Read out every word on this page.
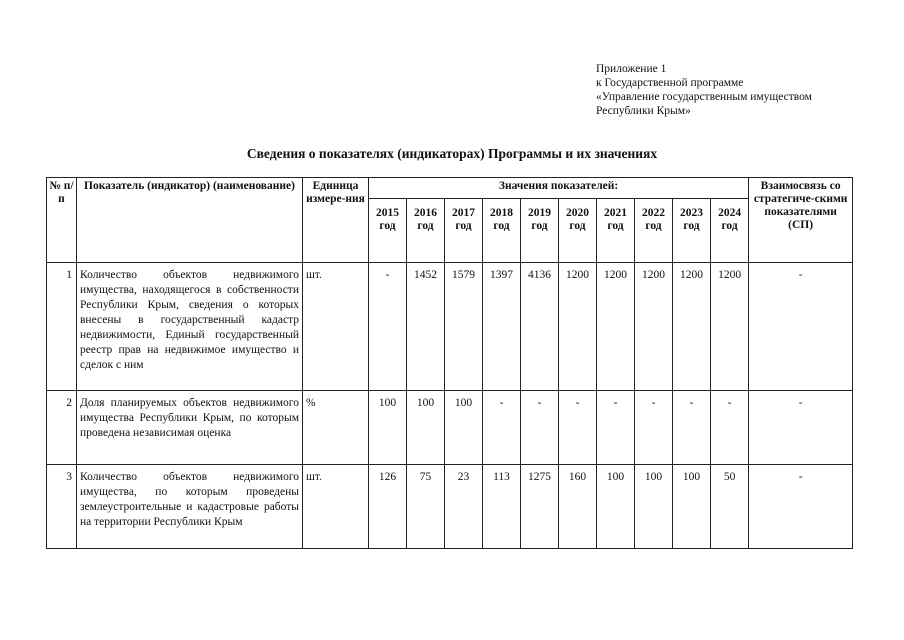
Приложение 1
к Государственной программе
«Управление государственным имуществом
Республики Крым»
Сведения о показателях (индикаторах) Программы и их значениях
№ п/п	Показатель (индикатор) (наименование)	Единица измере-ния	Значения показателей:										Взаимосвязь со стратегиче-скими показателями (СП)
			2015 год	2016 год	2017 год	2018 год	2019 год	2020 год	2021 год	2022 год	2023 год	2024 год	
1	Количество объектов недвижимого имущества, находящегося в собственности Республики Крым, сведения о которых внесены в государственный кадастр недвижимости, Единый государственный реестр прав на недвижимое имущество и сделок с ним	шт.	-	1452	1579	1397	4136	1200	1200	1200	1200	1200	-
2	Доля планируемых объектов недвижимого имущества Республики Крым, по которым проведена независимая оценка	%	100	100	100	-	-	-	-	-	-	-	-
3	Количество объектов недвижимого имущества, по которым проведены землеустроительные и кадастровые работы на территории Республики Крым	шт.	126	75	23	113	1275	160	100	100	100	50	-
